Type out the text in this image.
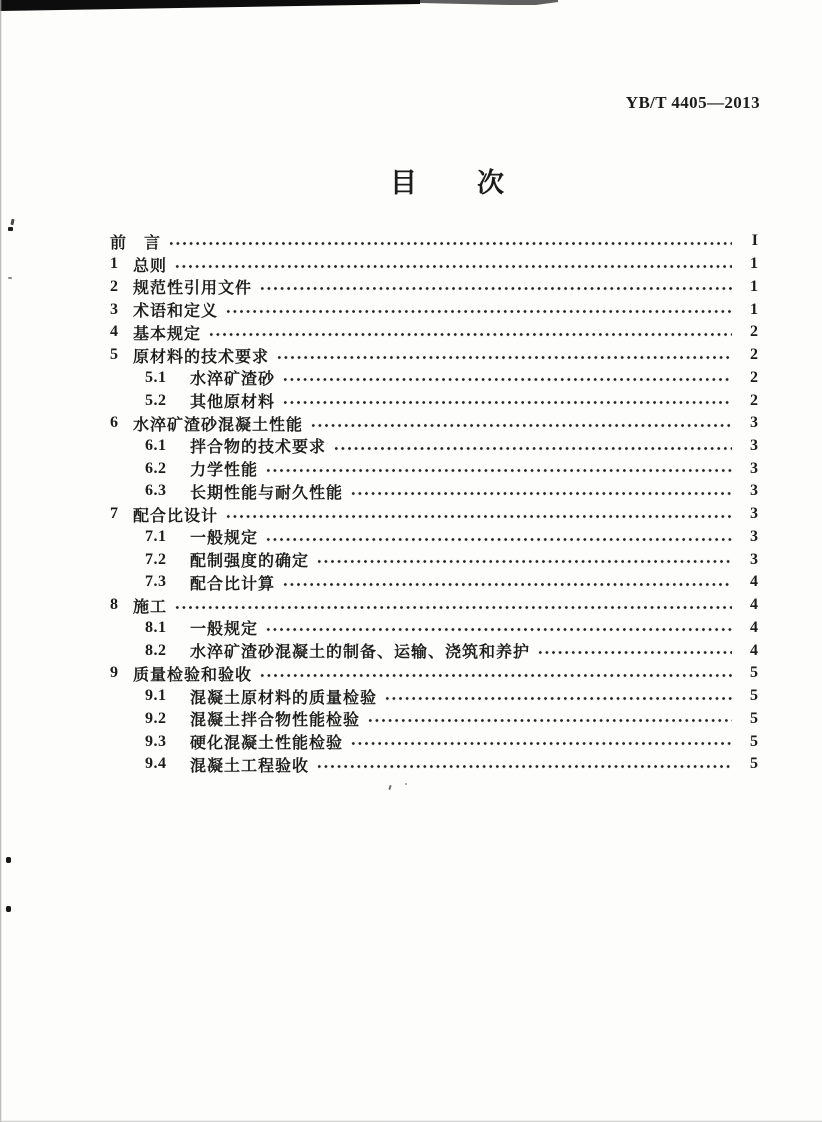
YB/T 4405—2013
目　　次
前　言	I
1 总则	1
2 规范性引用文件	1
3 术语和定义	1
4 基本规定	2
5 原材料的技术要求	2
5.1	水淬矿渣砂	2
5.2	其他原材料	2
6 水淬矿渣砂混凝土性能	3
6.1	拌合物的技术要求	3
6.2	力学性能	3
6.3	长期性能与耐久性能	3
7 配合比设计	3
7.1	一般规定	3
7.2	配制强度的确定	3
7.3	配合比计算	4
8 施工	4
8.1	一般规定	4
8.2	水淬矿渣砂混凝土的制备、运输、浇筑和养护	4
9 质量检验和验收	5
9.1	混凝土原材料的质量检验	5
9.2	混凝土拌合物性能检验	5
9.3	硬化混凝土性能检验	5
9.4	混凝土工程验收	5
